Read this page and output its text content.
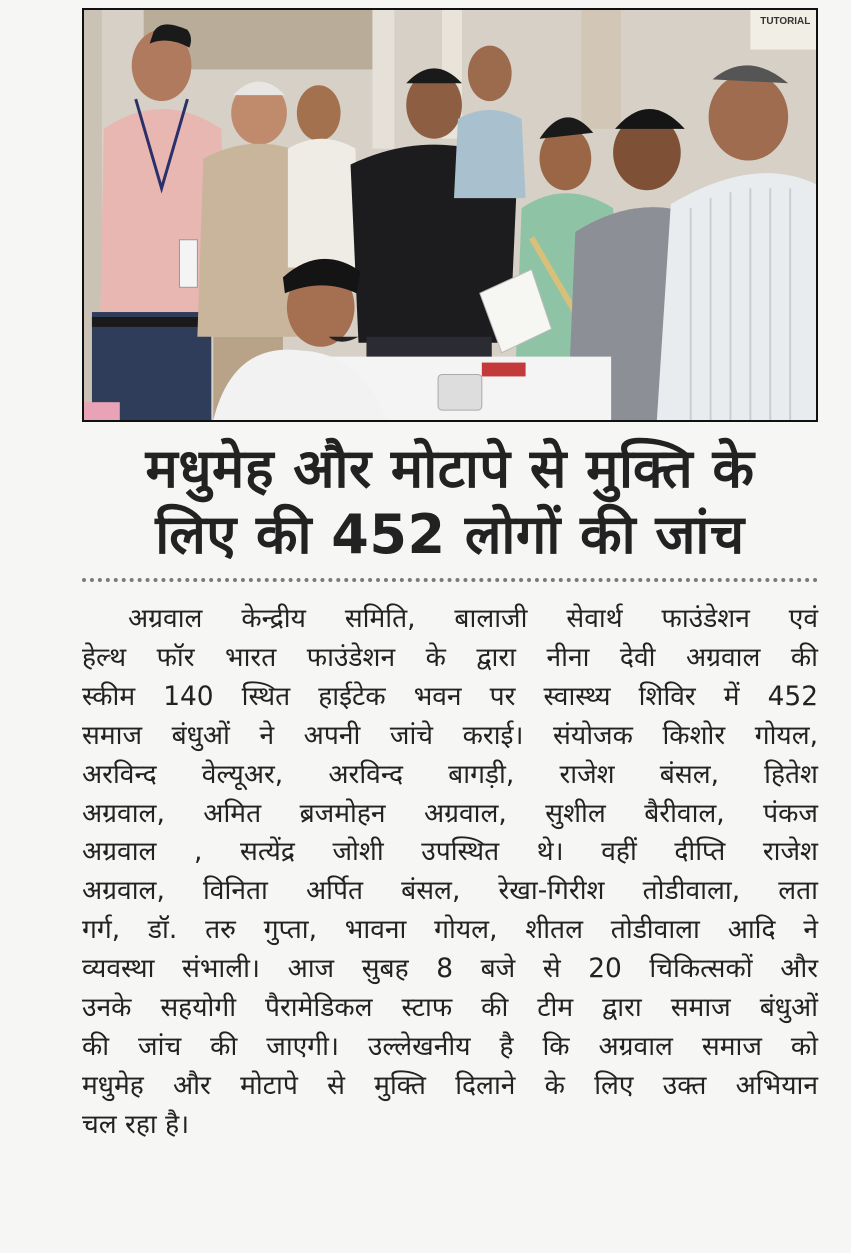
TUTORIAL
मधुमेह और मोटापे से मुक्ति के
लिए की 452 लोगों की जांच
अग्रवाल केन्द्रीय समिति, बालाजी सेवार्थ फाउंडेशन एवं
हेल्थ फॉर भारत फाउंडेशन के द्वारा नीना देवी अग्रवाल की
स्कीम 140 स्थित हाईटेक भवन पर स्वास्थ्य शिविर में 452
समाज बंधुओं ने अपनी जांचे कराई। संयोजक किशोर गोयल,
अरविन्द वेल्यूअर, अरविन्द बागड़ी, राजेश बंसल, हितेश
अग्रवाल, अमित ब्रजमोहन अग्रवाल, सुशील बैरीवाल, पंकज
अग्रवाल , सत्येंद्र जोशी उपस्थित थे। वहीं दीप्ति राजेश
अग्रवाल, विनिता अर्पित बंसल, रेखा-गिरीश तोडीवाला, लता
गर्ग, डॉ. तरु गुप्ता, भावना गोयल, शीतल तोडीवाला आदि ने
व्यवस्था संभाली। आज सुबह 8 बजे से 20 चिकित्सकों और
उनके सहयोगी पैरामेडिकल स्टाफ की टीम द्वारा समाज बंधुओं
की जांच की जाएगी। उल्लेखनीय है कि अग्रवाल समाज को
मधुमेह और मोटापे से मुक्ति दिलाने के लिए उक्त अभियान
चल रहा है।
